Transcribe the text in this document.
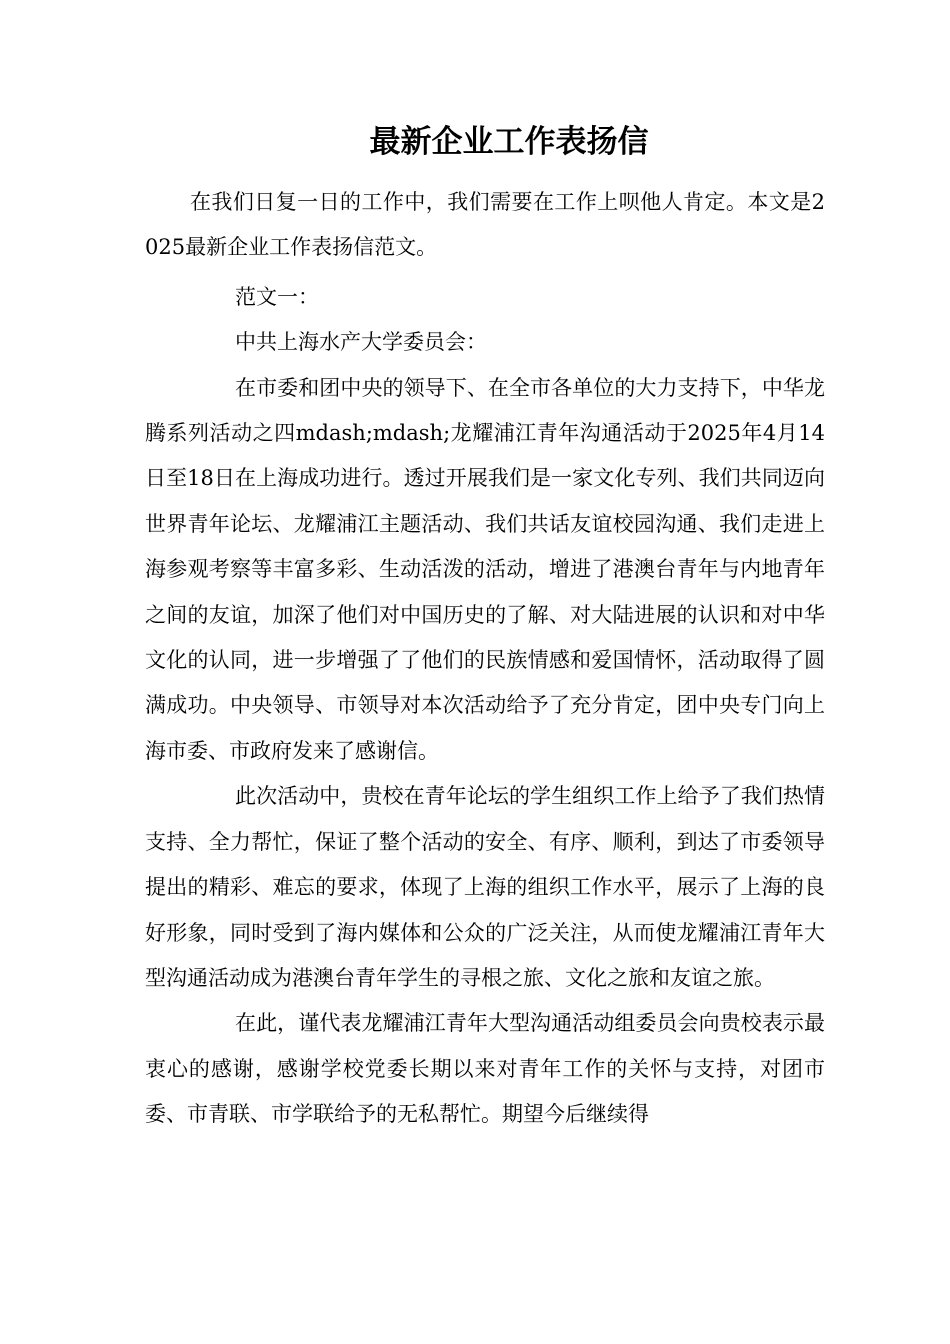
最新企业工作表扬信

在我们日复一日的工作中，我们需要在工作上呗他人肯定。本文是2025最新企业工作表扬信范文。

范文一：

中共上海水产大学委员会：

在市委和团中央的领导下、在全市各单位的大力支持下，中华龙腾系列活动之四mdash;mdash;龙耀浦江青年沟通活动于2025年4月14日至18日在上海成功进行。透过开展我们是一家文化专列、我们共同迈向世界青年论坛、龙耀浦江主题活动、我们共话友谊校园沟通、我们走进上海参观考察等丰富多彩、生动活泼的活动，增进了港澳台青年与内地青年之间的友谊，加深了他们对中国历史的了解、对大陆进展的认识和对中华文化的认同，进一步增强了了他们的民族情感和爱国情怀，活动取得了圆满成功。中央领导、市领导对本次活动给予了充分肯定，团中央专门向上海市委、市政府发来了感谢信。

此次活动中，贵校在青年论坛的学生组织工作上给予了我们热情支持、全力帮忙，保证了整个活动的安全、有序、顺利，到达了市委领导提出的精彩、难忘的要求，体现了上海的组织工作水平，展示了上海的良好形象，同时受到了海内媒体和公众的广泛关注，从而使龙耀浦江青年大型沟通活动成为港澳台青年学生的寻根之旅、文化之旅和友谊之旅。

在此，谨代表龙耀浦江青年大型沟通活动组委员会向贵校表示最衷心的感谢，感谢学校党委长期以来对青年工作的关怀与支持，对团市委、市青联、市学联给予的无私帮忙。期望今后继续得
